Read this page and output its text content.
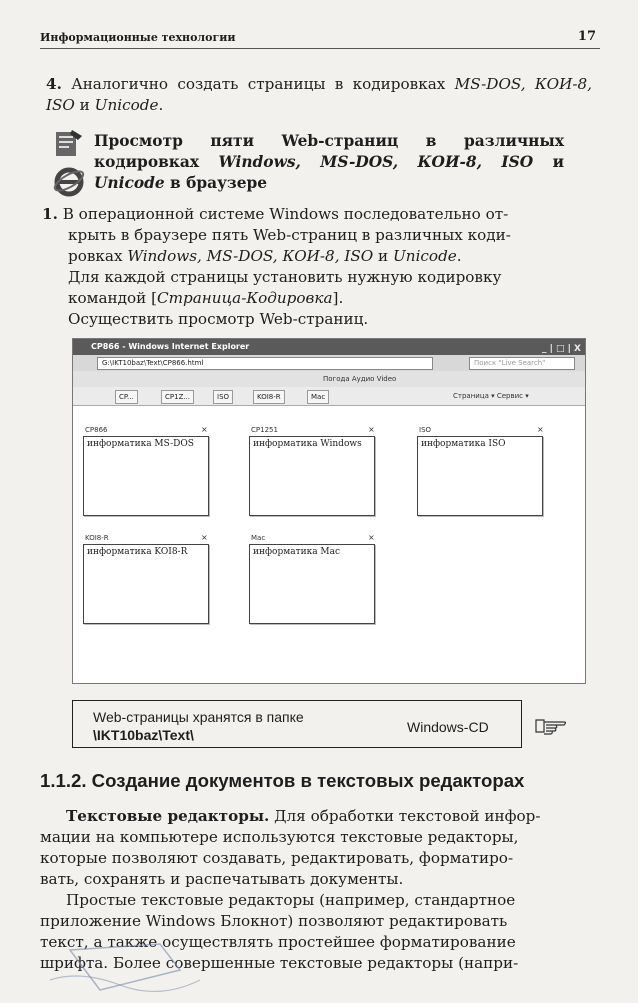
Информационные технологии	17
4. Аналогично создать страницы в кодировках MS-DOS, КОИ-8, ISO и Unicode.
Просмотр пяти Web-страниц в различных кодировках Windows, MS-DOS, КОИ-8, ISO и Unicode в браузере
1. В операционной системе Windows последовательно от-
крыть в браузере пять Web-страниц в различных коди-
ровках Windows, MS-DOS, КОИ-8, ISO и Unicode.
Для каждой страницы установить нужную кодировку
командой [Страница-Кодировка].
Осуществить просмотр Web-страниц.
CP866 - Windows Internet Explorer	_ | □ | X
G:\IKT10baz\Text\CP866.html	Поиск "Live Search"
Погода Аудио Video
CP...	CP1Z...	ISO	KOI8-R	Mac	Страница ▾ Сервис ▾
CP866	×
информатика MS-DOS
CP1251	×
информатика Windows
ISO	×
информатика ISO
KOI8-R	×
информатика KOI8-R
Mac	×
информатика Mac
Web-страницы хранятся в папке
\IKT10baz\Text\	Windows-CD
1.1.2. Создание документов в текстовых редакторах
Текстовые редакторы. Для обработки текстовой инфор-
мации на компьютере используются текстовые редакторы,
которые позволяют создавать, редактировать, форматиро-
вать, сохранять и распечатывать документы.
Простые текстовые редакторы (например, стандартное
приложение Windows Блокнот) позволяют редактировать
текст, а также осуществлять простейшее форматирование
шрифта. Более совершенные текстовые редакторы (напри-
